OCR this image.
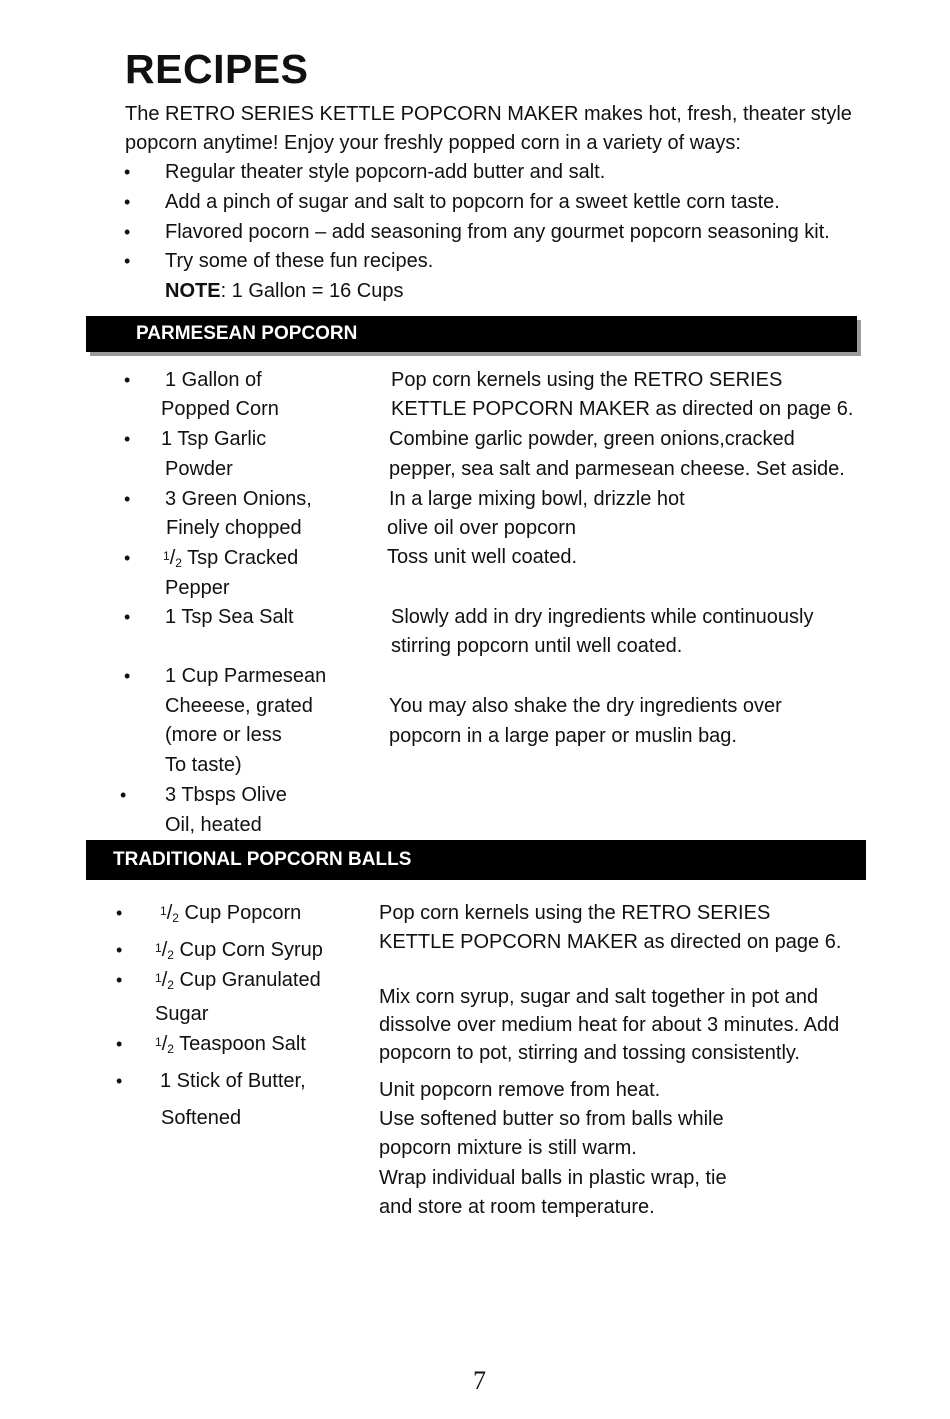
RECIPES
The RETRO SERIES KETTLE POPCORN MAKER makes hot, fresh, theater style
popcorn anytime! Enjoy your freshly popped corn in a variety of ways:
• Regular theater style popcorn-add butter and salt.
• Add a pinch of sugar and salt to popcorn for a sweet kettle corn taste.
• Flavored pocorn – add seasoning from any gourmet popcorn seasoning kit.
• Try some of these fun recipes.
NOTE: 1 Gallon = 16 Cups
PARMESEAN POPCORN
• 1 Gallon of
Popped Corn
• 1 Tsp Garlic
Powder
• 3 Green Onions,
Finely chopped
•	$^1/_2$ Tsp Cracked
Pepper
• 1 Tsp Sea Salt
• 1 Cup Parmesean
Cheeese, grated
(more or less
To taste)
• 3 Tbsps Olive
Oil, heated
Pop corn kernels using the RETRO SERIES
KETTLE POPCORN MAKER as directed on page 6.
Combine garlic powder, green onions,cracked
pepper, sea salt and parmesean cheese. Set aside.
In a large mixing bowl, drizzle hot
olive oil over popcorn
Toss unit well coated.
Slowly add in dry ingredients while continuously
stirring popcorn until well coated.
You may also shake the dry ingredients over
popcorn in a large paper or muslin bag.
TRADITIONAL POPCORN BALLS
•	$^1/_2$ Cup Popcorn
•	$^1/_2$ Cup Corn Syrup
•	$^1/_2$ Cup Granulated
Sugar
•	$^1/_2$ Teaspoon Salt
• 1 Stick of Butter,
Softened
Pop corn kernels using the RETRO SERIES
KETTLE POPCORN MAKER as directed on page 6.
Mix corn syrup, sugar and salt together in pot and
dissolve over medium heat for about 3 minutes. Add
popcorn to pot, stirring and tossing consistently.
Unit popcorn remove from heat.
Use softened butter so from balls while
popcorn mixture is still warm.
Wrap individual balls in plastic wrap, tie
and store at room temperature.
7
